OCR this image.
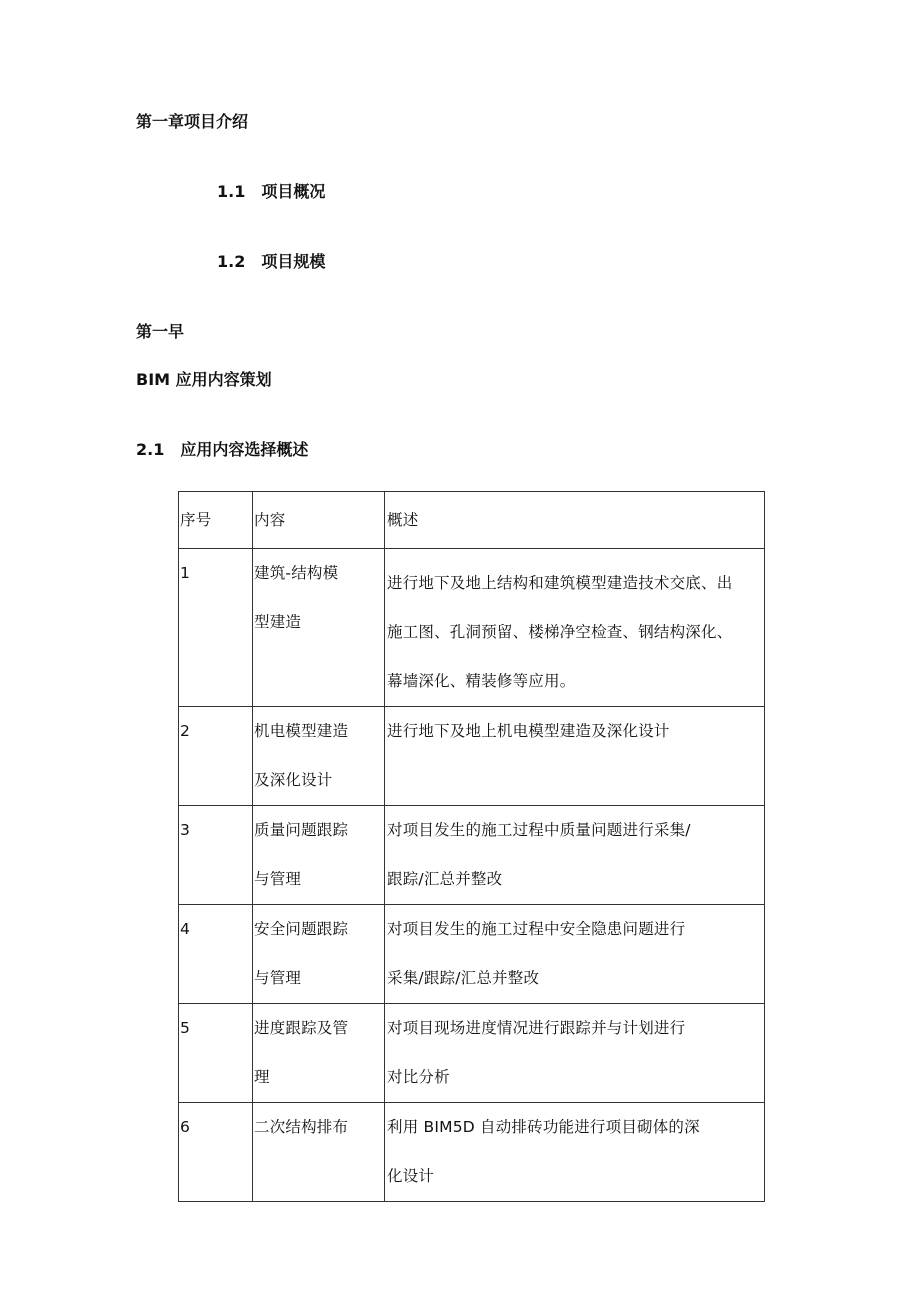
第一章项目介绍
1.1 项目概况
1.2 项目规模
第一早
BIM 应用内容策划
2.1 应用内容选择概述
序号	内容	概述

1	建筑-结构模
型建造	进行地下及地上结构和建筑模型建造技术交底、出
施工图、孔洞预留、楼梯净空检查、钢结构深化、
幕墙深化、精装修等应用。

2	机电模型建造
及深化设计	进行地下及地上机电模型建造及深化设计

3	质量问题跟踪
与管理	对项目发生的施工过程中质量问题进行采集/
跟踪/汇总并整改

4	安全问题跟踪
与管理	对项目发生的施工过程中安全隐患问题进行
采集/跟踪/汇总并整改

5	进度跟踪及管
理	对项目现场进度情况进行跟踪并与计划进行
对比分析

6	二次结构排布	利用 BIM5D 自动排砖功能进行项目砌体的深
化设计
